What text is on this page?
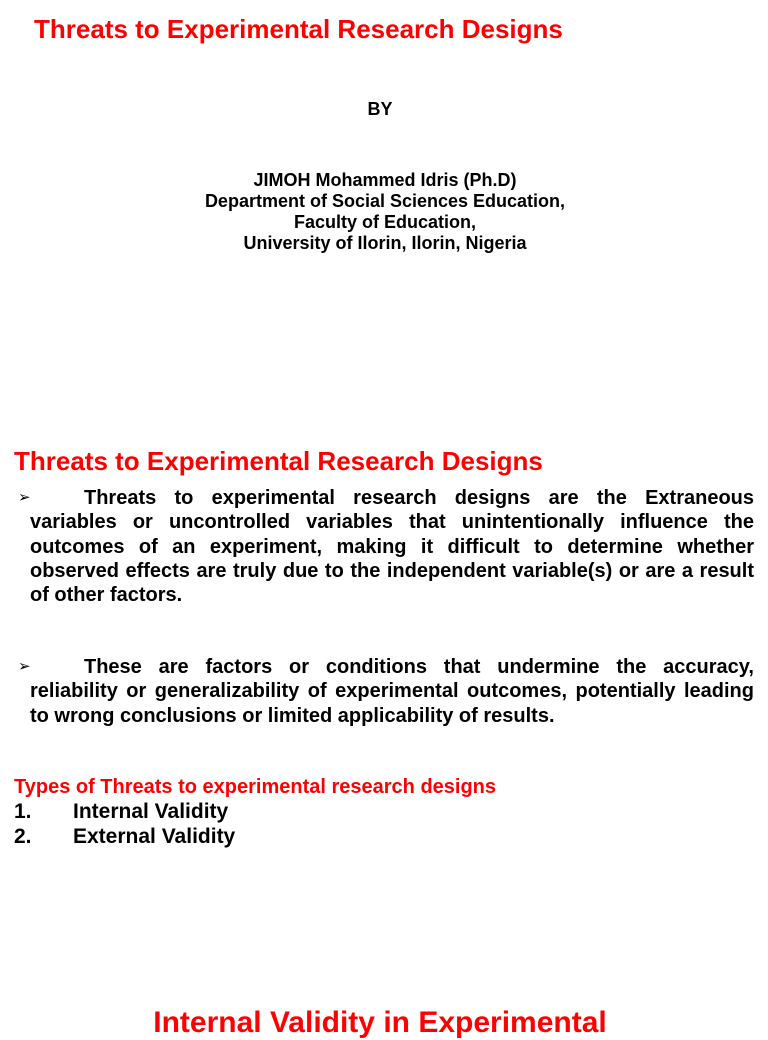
Threats to Experimental Research Designs
BY
JIMOH Mohammed Idris (Ph.D)
Department of Social Sciences Education,
Faculty of Education,
University of Ilorin, Ilorin, Nigeria
Threats to Experimental Research Designs
➢	Threats to experimental research designs are the Extraneous variables or uncontrolled variables that unintentionally influence the outcomes of an experiment, making it difficult to determine whether observed effects are truly due to the independent variable(s) or are a result of other factors.
➢	These are factors or conditions that undermine the accuracy, reliability or generalizability of experimental outcomes, potentially leading to wrong conclusions or limited applicability of results.
Types of Threats to experimental research designs
1. Internal Validity
2. External Validity
Internal Validity in Experimental
